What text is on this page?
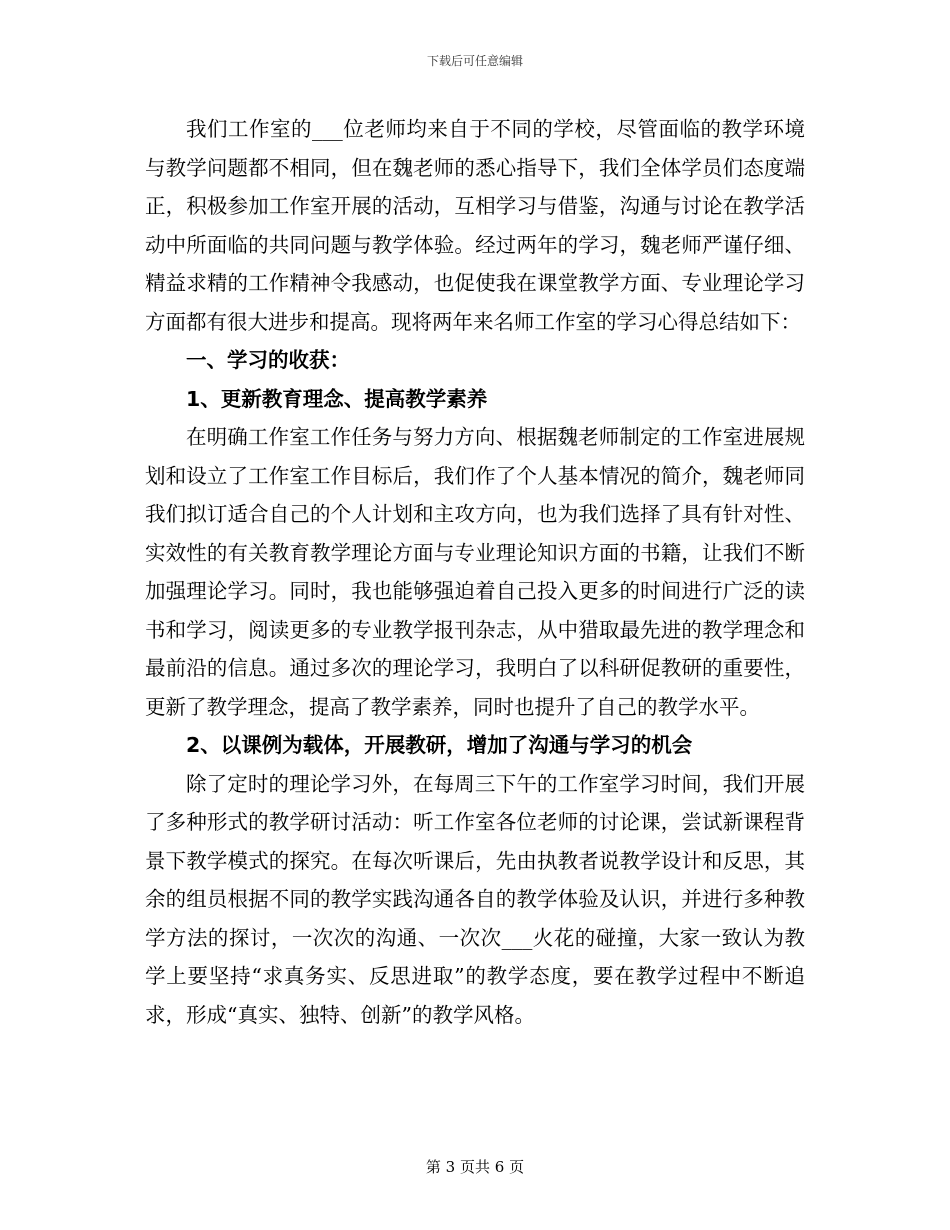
下载后可任意编辑

我们工作室的___位老师均来自于不同的学校，尽管面临的教学环境与教学问题都不相同，但在魏老师的悉心指导下，我们全体学员们态度端正，积极参加工作室开展的活动，互相学习与借鉴，沟通与讨论在教学活动中所面临的共同问题与教学体验。经过两年的学习，魏老师严谨仔细、精益求精的工作精神令我感动，也促使我在课堂教学方面、专业理论学习方面都有很大进步和提高。现将两年来名师工作室的学习心得总结如下：

一、学习的收获：

1、更新教育理念、提高教学素养

在明确工作室工作任务与努力方向、根据魏老师制定的工作室进展规划和设立了工作室工作目标后，我们作了个人基本情况的简介，魏老师同我们拟订适合自己的个人计划和主攻方向，也为我们选择了具有针对性、实效性的有关教育教学理论方面与专业理论知识方面的书籍，让我们不断加强理论学习。同时，我也能够强迫着自己投入更多的时间进行广泛的读书和学习，阅读更多的专业教学报刊杂志，从中猎取最先进的教学理念和最前沿的信息。通过多次的理论学习，我明白了以科研促教研的重要性，更新了教学理念，提高了教学素养，同时也提升了自己的教学水平。

2、以课例为载体，开展教研，增加了沟通与学习的机会

除了定时的理论学习外，在每周三下午的工作室学习时间，我们开展了多种形式的教学研讨活动：听工作室各位老师的讨论课，尝试新课程背景下教学模式的探究。在每次听课后，先由执教者说教学设计和反思，其余的组员根据不同的教学实践沟通各自的教学体验及认识，并进行多种教学方法的探讨，一次次的沟通、一次次___火花的碰撞，大家一致认为教学上要坚持“求真务实、反思进取”的教学态度，要在教学过程中不断追求，形成“真实、独特、创新”的教学风格。

第 3 页共 6 页
